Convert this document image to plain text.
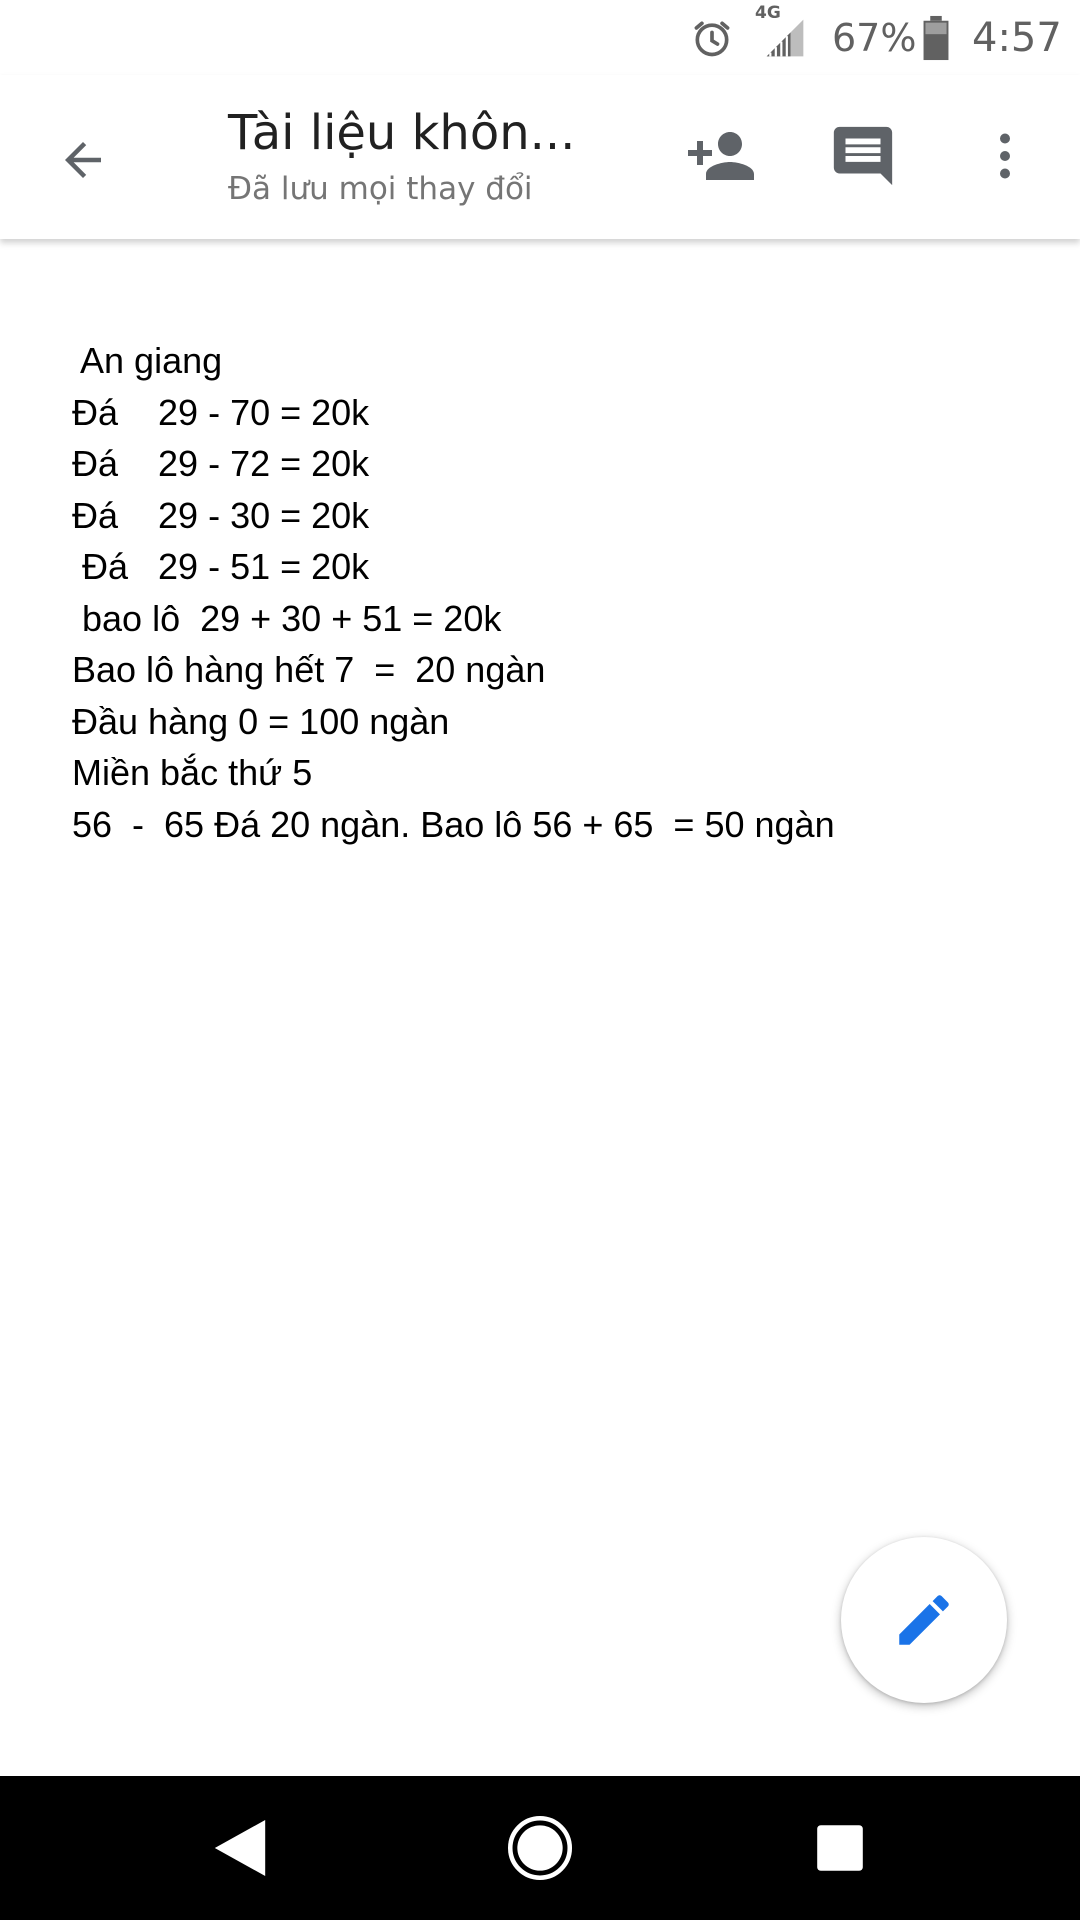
4G
67% 4:57
Tài liệu khôn...
Đã lưu mọi thay đổi
An giang
Đá    29 - 70 = 20k
Đá    29 - 72 = 20k
Đá    29 - 30 = 20k
Đá   29 - 51 = 20k
bao lô  29 + 30 + 51 = 20k
Bao lô hàng hết 7  =  20 ngàn
Đầu hàng 0 = 100 ngàn
Miền bắc thứ 5
56  -  65 Đá 20 ngàn. Bao lô 56 + 65  = 50 ngàn
